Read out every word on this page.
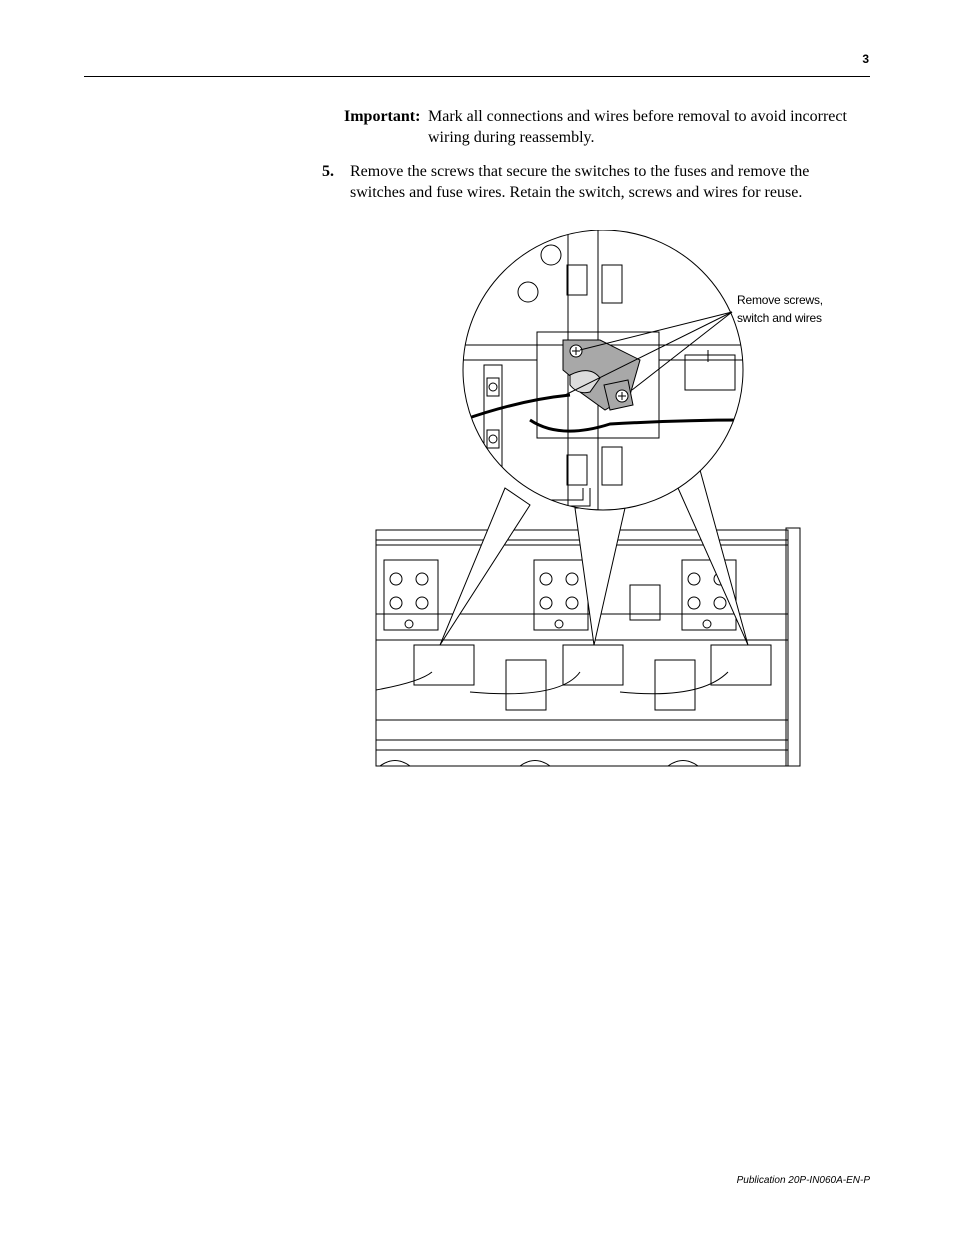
3
Important: Mark all connections and wires before removal to avoid incorrect wiring during reassembly.
5. Remove the screws that secure the switches to the fuses and remove the switches and fuse wires. Retain the switch, screws and wires for reuse.
Remove screws,
switch and wires
Publication 20P-IN060A-EN-P
